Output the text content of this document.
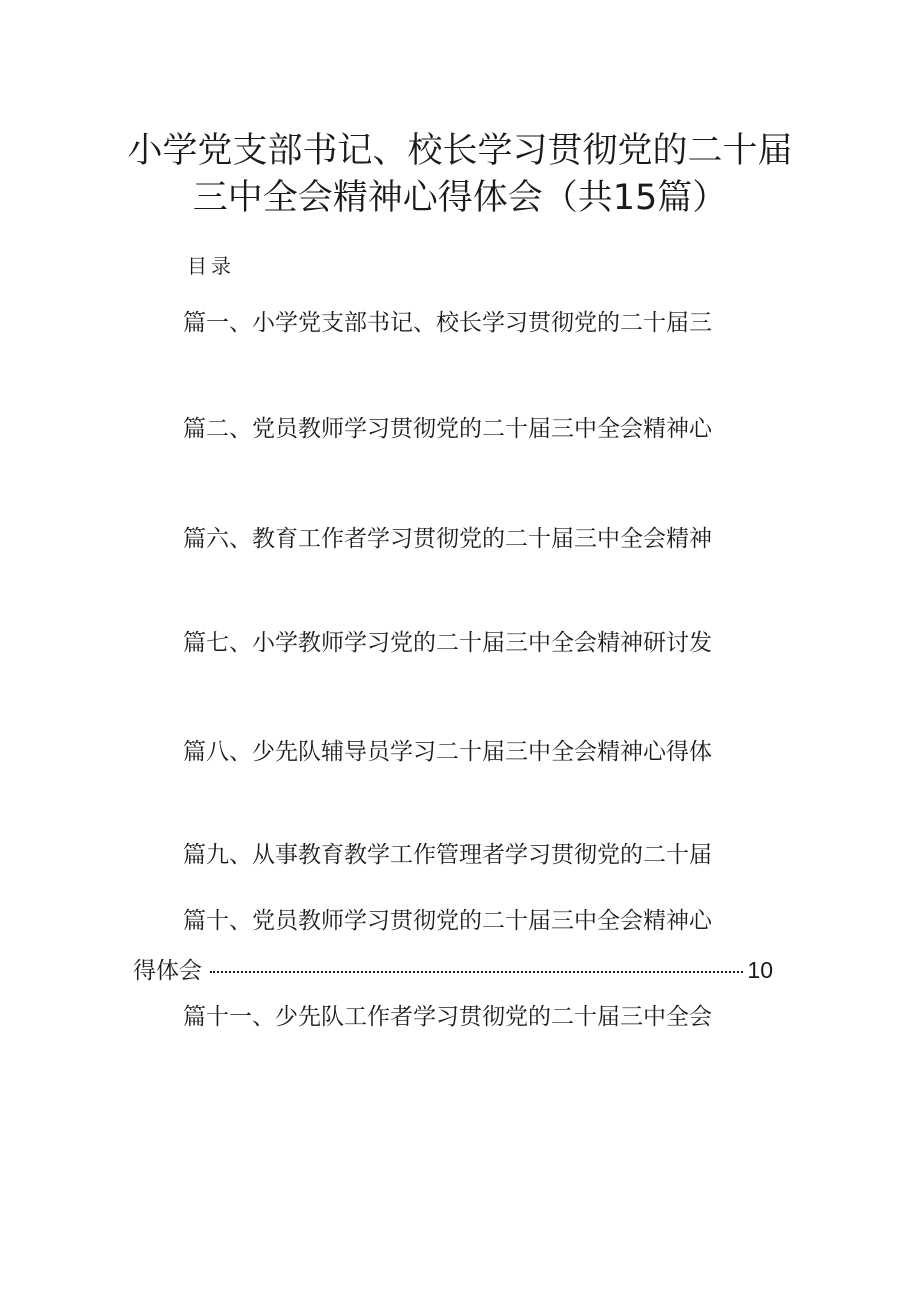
小学党支部书记、校长学习贯彻党的二十届
三中全会精神心得体会（共15篇）
目录
篇一、小学党支部书记、校长学习贯彻党的二十届三
篇二、党员教师学习贯彻党的二十届三中全会精神心
篇六、教育工作者学习贯彻党的二十届三中全会精神
篇七、小学教师学习党的二十届三中全会精神研讨发
篇八、少先队辅导员学习二十届三中全会精神心得体
篇九、从事教育教学工作管理者学习贯彻党的二十届
篇十、党员教师学习贯彻党的二十届三中全会精神心
得体会	10
篇十一、少先队工作者学习贯彻党的二十届三中全会
